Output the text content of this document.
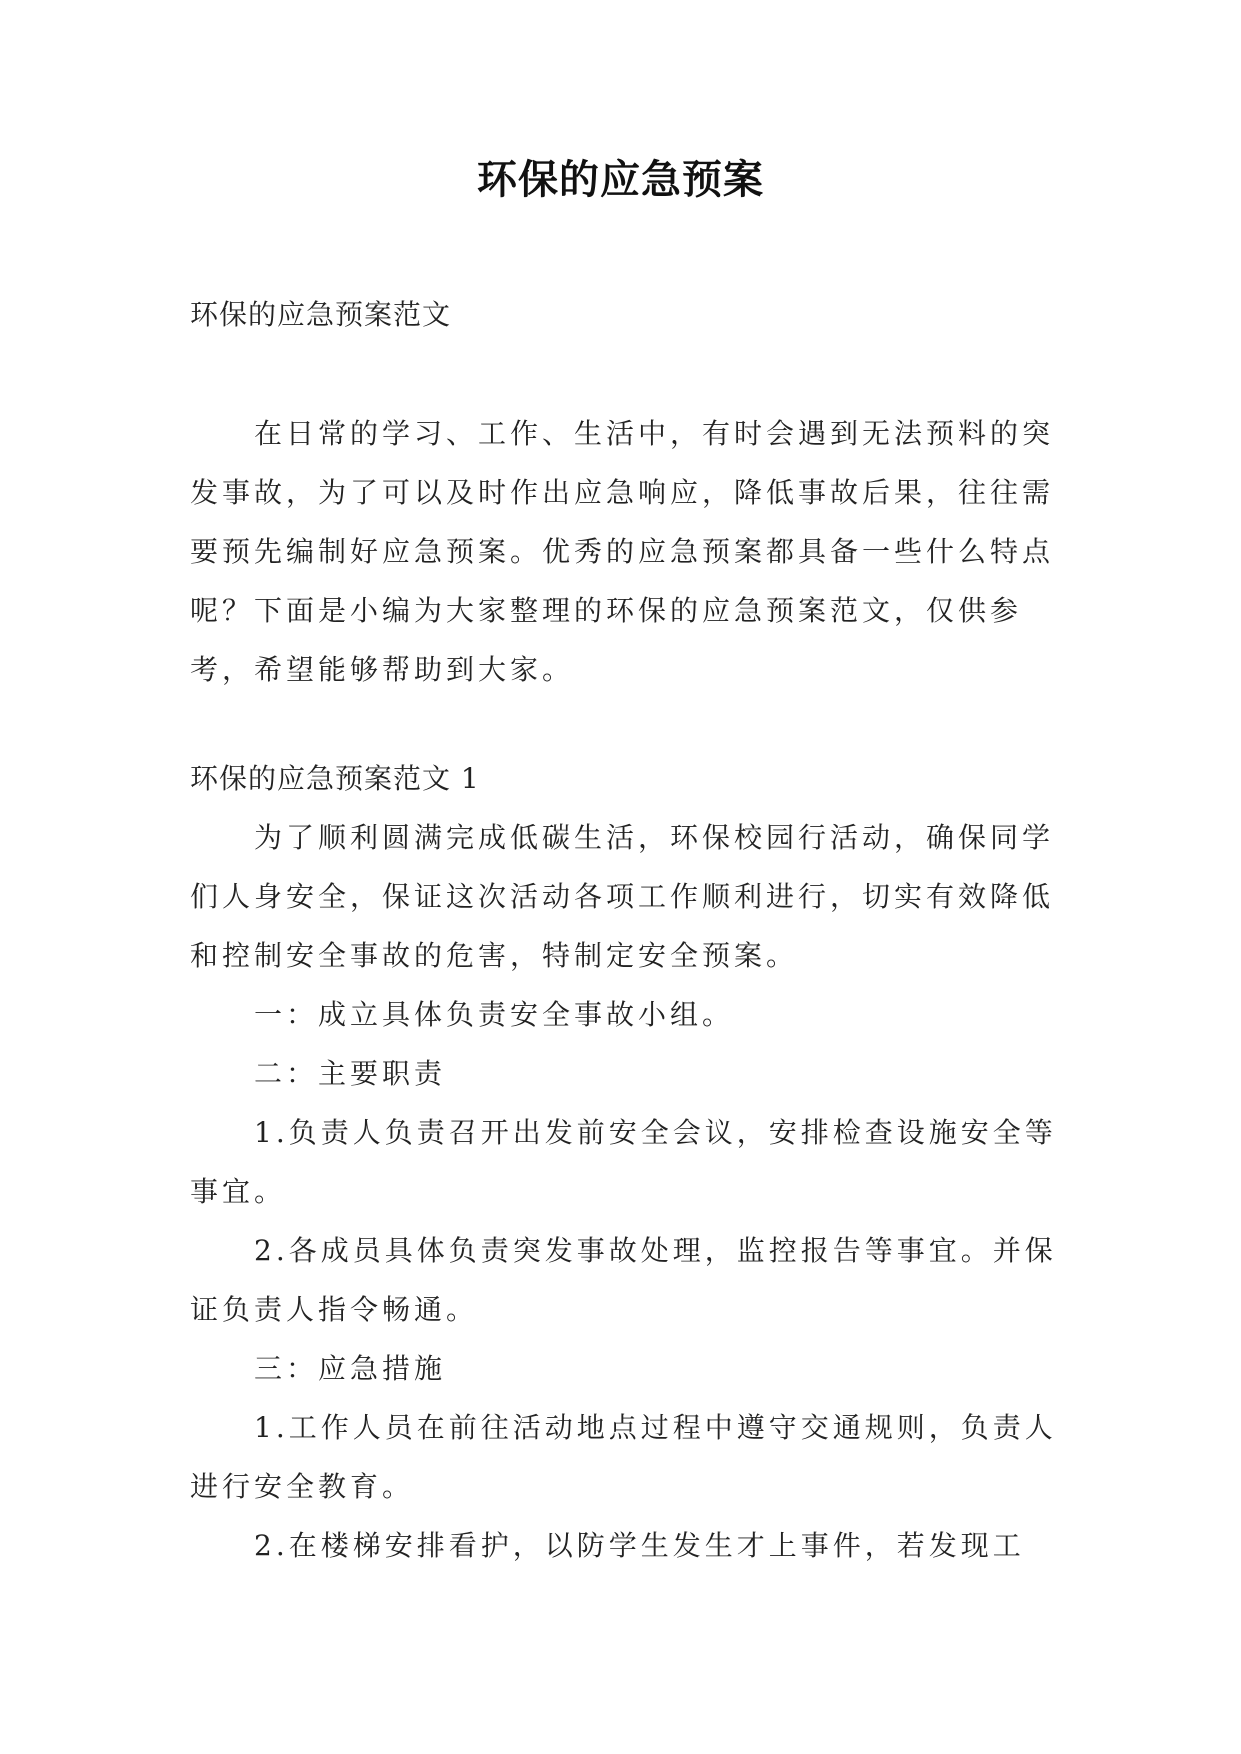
环保的应急预案
环保的应急预案范文

在日常的学习、工作、生活中，有时会遇到无法预料的突发事故，为了可以及时作出应急响应，降低事故后果，往往需要预先编制好应急预案。优秀的应急预案都具备一些什么特点呢？下面是小编为大家整理的环保的应急预案范文，仅供参考，希望能够帮助到大家。

环保的应急预案范文 1

为了顺利圆满完成低碳生活，环保校园行活动，确保同学们人身安全，保证这次活动各项工作顺利进行，切实有效降低和控制安全事故的危害，特制定安全预案。

一：成立具体负责安全事故小组。

二：主要职责

1.负责人负责召开出发前安全会议，安排检查设施安全等事宜。

2.各成员具体负责突发事故处理，监控报告等事宜。并保证负责人指令畅通。

三：应急措施

1.工作人员在前往活动地点过程中遵守交通规则，负责人进行安全教育。

2.在楼梯安排看护，以防学生发生才上事件，若发现工
